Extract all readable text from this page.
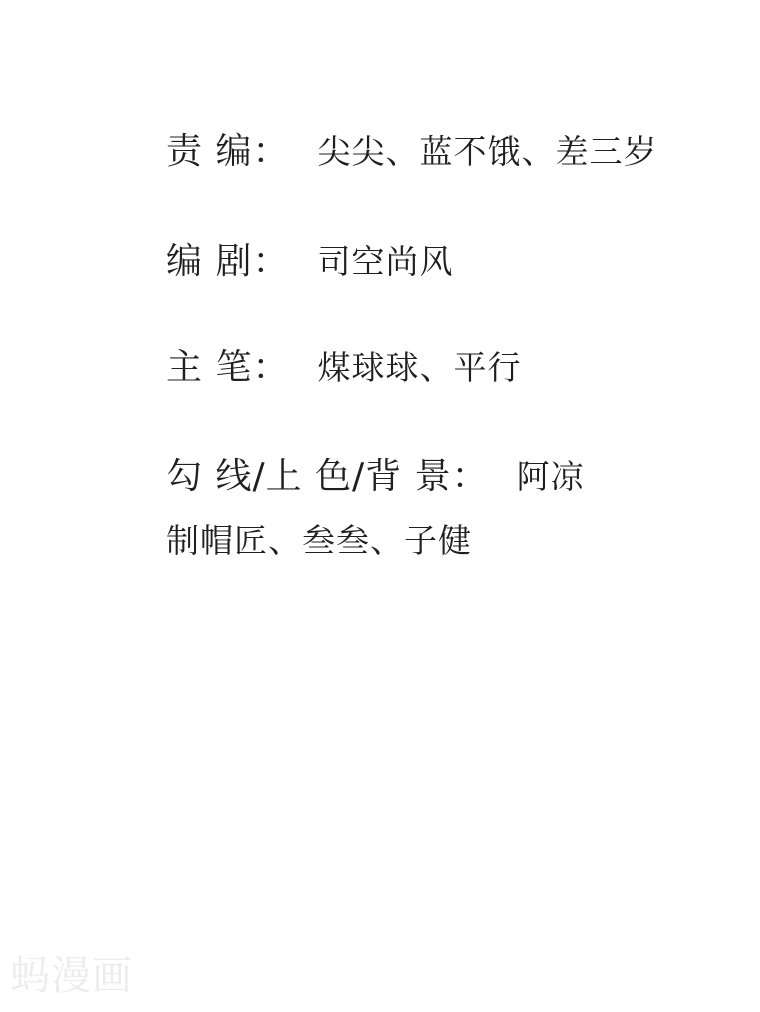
责 编： 尖尖、蓝不饿、差三岁
编 剧： 司空尚风
主 笔： 煤球球、平行
勾 线/上 色/背 景： 阿凉
制帽匠、叁叁、子健
蚂漫画
